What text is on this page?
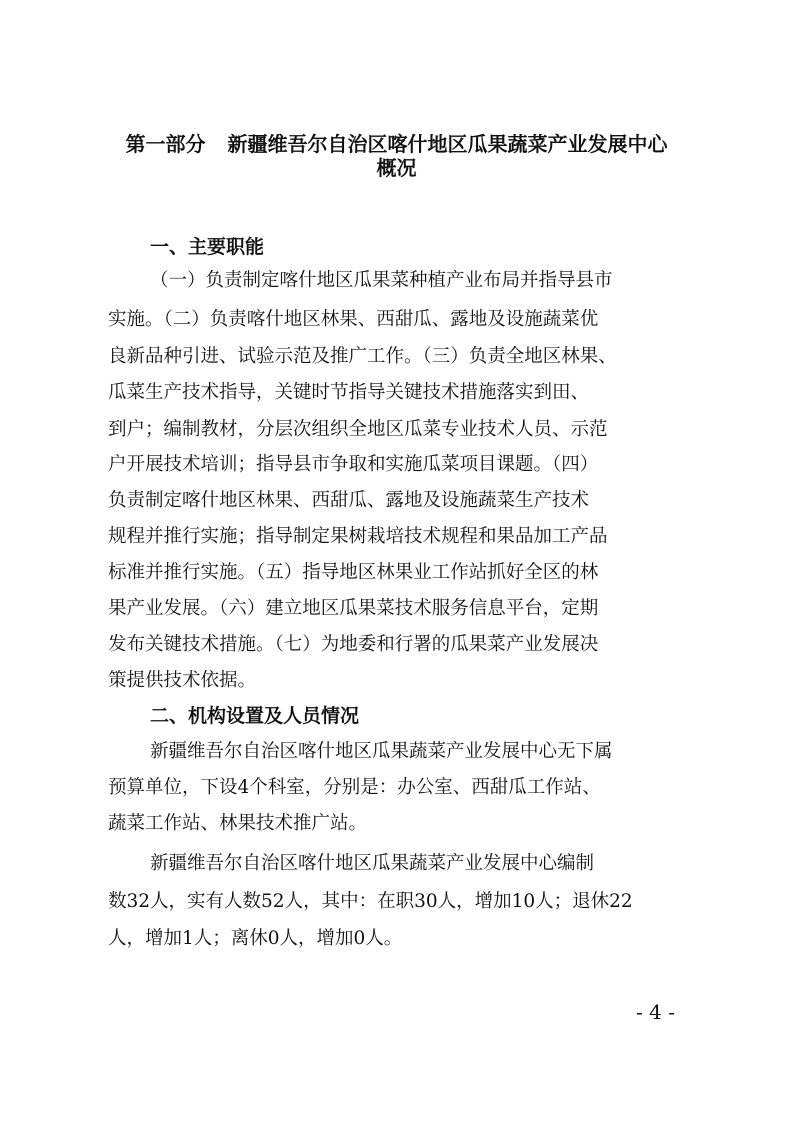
第一部分 新疆维吾尔自治区喀什地区瓜果蔬菜产业发展中心
概况
一、主要职能

（一）负责制定喀什地区瓜果菜种植产业布局并指导县市

实施。（二）负责喀什地区林果、西甜瓜、露地及设施蔬菜优

良新品种引进、试验示范及推广工作。（三）负责全地区林果、

瓜菜生产技术指导，关键时节指导关键技术措施落实到田、

到户；编制教材，分层次组织全地区瓜菜专业技术人员、示范

户开展技术培训；指导县市争取和实施瓜菜项目课题。（四）

负责制定喀什地区林果、西甜瓜、露地及设施蔬菜生产技术

规程并推行实施；指导制定果树栽培技术规程和果品加工产品

标准并推行实施。（五）指导地区林果业工作站抓好全区的林

果产业发展。（六）建立地区瓜果菜技术服务信息平台，定期

发布关键技术措施。（七）为地委和行署的瓜果菜产业发展决

策提供技术依据。

二、机构设置及人员情况

新疆维吾尔自治区喀什地区瓜果蔬菜产业发展中心无下属

预算单位，下设4个科室，分别是：办公室、西甜瓜工作站、

蔬菜工作站、林果技术推广站。

新疆维吾尔自治区喀什地区瓜果蔬菜产业发展中心编制

数32人，实有人数52人，其中：在职30人，增加10人；退休22

人，增加1人；离休0人，增加0人。

- 4 -
